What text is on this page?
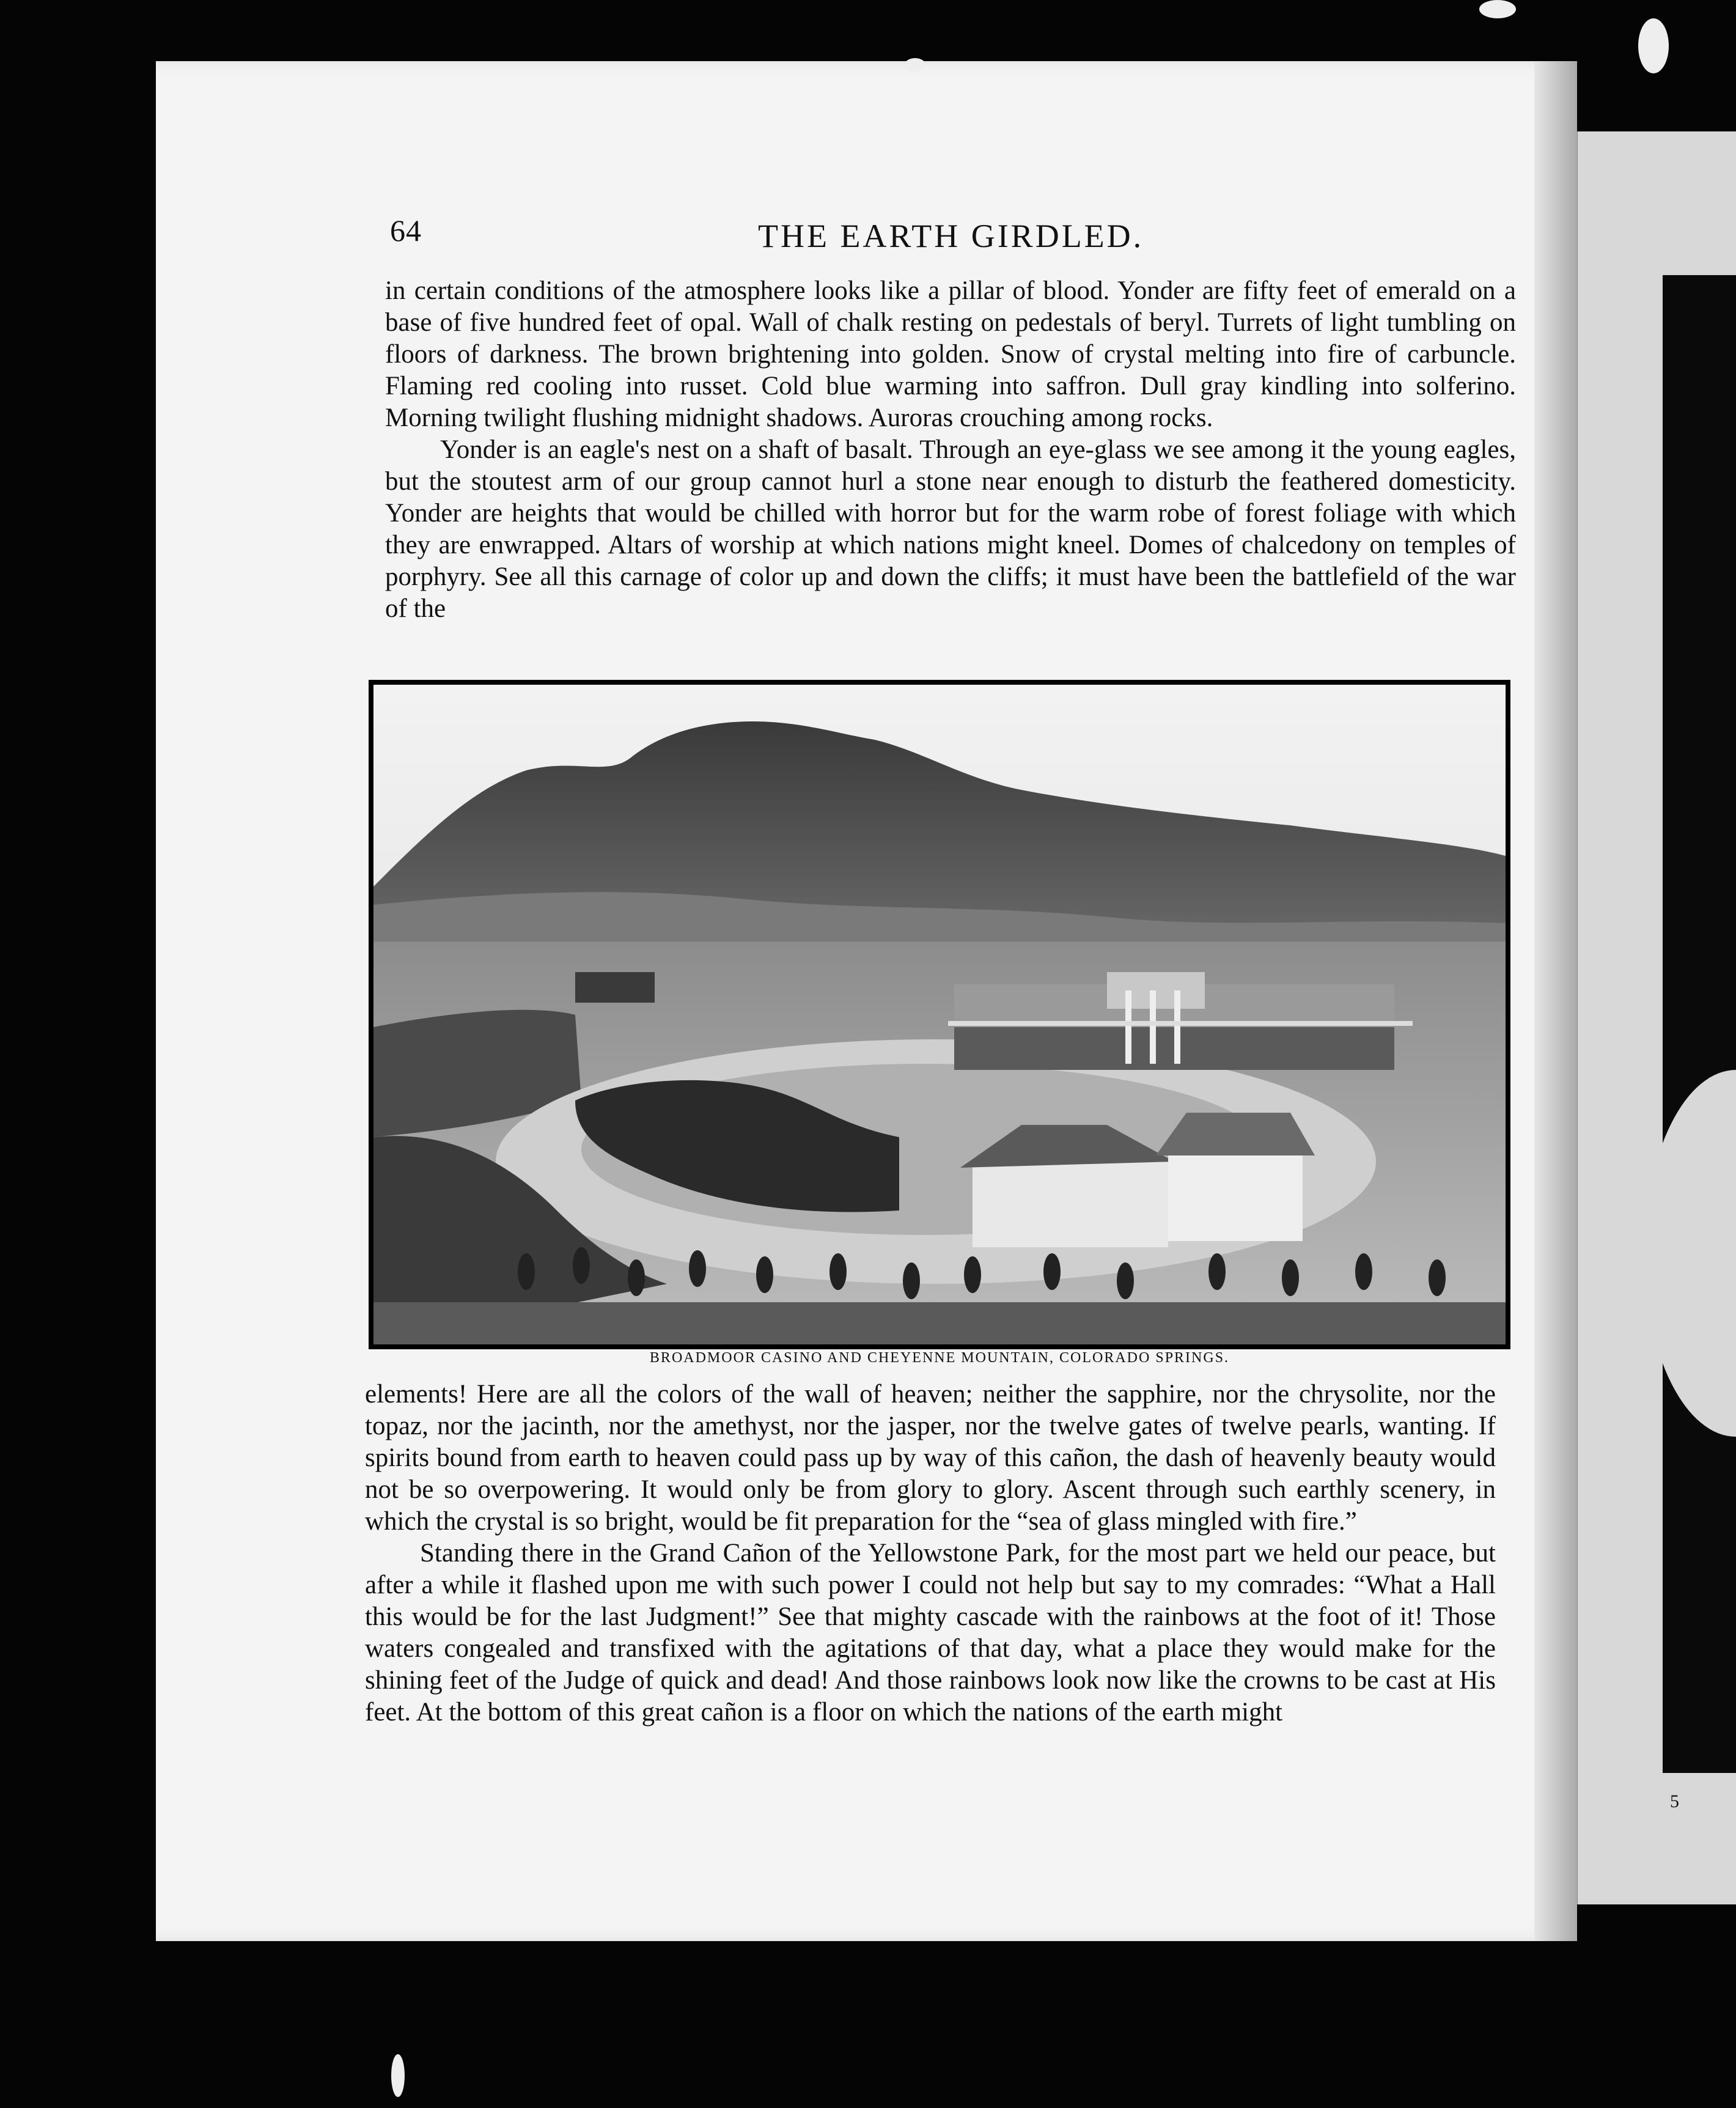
5
64	THE EARTH GIRDLED.

in certain conditions of the atmosphere looks like a pillar of blood. Yonder are fifty feet of emerald on a base of five hundred feet of opal. Wall of chalk resting on pedestals of beryl. Turrets of light tumbling on floors of darkness. The brown brightening into golden. Snow of crystal melting into fire of carbuncle. Flaming red cooling into russet. Cold blue warming into saffron. Dull gray kindling into solferino. Morning twilight flushing midnight shadows. Auroras crouching among rocks.

Yonder is an eagle's nest on a shaft of basalt. Through an eye-glass we see among it the young eagles, but the stoutest arm of our group cannot hurl a stone near enough to disturb the feathered domesticity. Yonder are heights that would be chilled with horror but for the warm robe of forest foliage with which they are enwrapped. Altars of worship at which nations might kneel. Domes of chalcedony on temples of porphyry. See all this carnage of color up and down the cliffs; it must have been the battlefield of the war of the

BROADMOOR CASINO AND CHEYENNE MOUNTAIN, COLORADO SPRINGS.

elements! Here are all the colors of the wall of heaven; neither the sapphire, nor the chrysolite, nor the topaz, nor the jacinth, nor the amethyst, nor the jasper, nor the twelve gates of twelve pearls, wanting. If spirits bound from earth to heaven could pass up by way of this cañon, the dash of heavenly beauty would not be so overpowering. It would only be from glory to glory. Ascent through such earthly scenery, in which the crystal is so bright, would be fit preparation for the “sea of glass mingled with fire.”

Standing there in the Grand Cañon of the Yellowstone Park, for the most part we held our peace, but after a while it flashed upon me with such power I could not help but say to my comrades: “What a Hall this would be for the last Judgment!” See that mighty cascade with the rainbows at the foot of it! Those waters congealed and transfixed with the agitations of that day, what a place they would make for the shining feet of the Judge of quick and dead! And those rainbows look now like the crowns to be cast at His feet. At the bottom of this great cañon is a floor on which the nations of the earth might
